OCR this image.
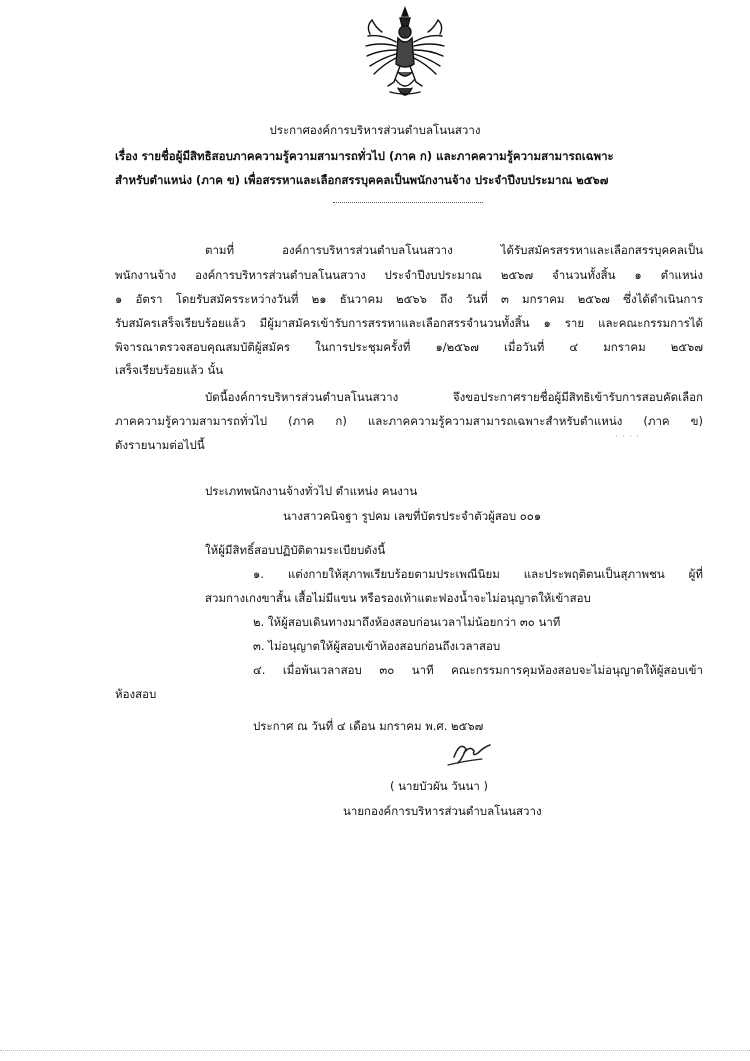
ประกาศองค์การบริหารส่วนตำบลโนนสวาง
เรื่อง รายชื่อผู้มีสิทธิสอบภาคความรู้ความสามารถทั่วไป (ภาค ก) และภาคความรู้ความสามารถเฉพาะ
สำหรับตำแหน่ง (ภาค ข) เพื่อสรรหาและเลือกสรรบุคคลเป็นพนักงานจ้าง ประจำปีงบประมาณ ๒๕๖๗
ตามที่ องค์การบริหารส่วนตำบลโนนสวาง ได้รับสมัครสรรหาและเลือกสรรบุคคลเป็น
พนักงานจ้าง องค์การบริหารส่วนตำบลโนนสวาง ประจำปีงบประมาณ ๒๕๖๗ จำนวนทั้งสิ้น ๑ ตำแหน่ง
๑ อัตรา โดยรับสมัครระหว่างวันที่ ๒๑ ธันวาคม ๒๕๖๖ ถึง วันที่ ๓ มกราคม ๒๕๖๗ ซึ่งได้ดำเนินการ
รับสมัครเสร็จเรียบร้อยแล้ว มีผู้มาสมัครเข้ารับการสรรหาและเลือกสรรจำนวนทั้งสิ้น ๑ ราย และคณะกรรมการได้
พิจารณาตรวจสอบคุณสมบัติผู้สมัคร ในการประชุมครั้งที่ ๑/๒๕๖๗ เมื่อวันที่ ๔ มกราคม ๒๕๖๗
เสร็จเรียบร้อยแล้ว นั้น
บัดนี้องค์การบริหารส่วนตำบลโนนสวาง จึงขอประกาศรายชื่อผู้มีสิทธิเข้ารับการสอบคัดเลือก
ภาคความรู้ความสามารถทั่วไป (ภาค ก) และภาคความรู้ความสามารถเฉพาะสำหรับตำแหน่ง (ภาค ข)
ดังรายนามต่อไปนี้
· · · ·
ประเภทพนักงานจ้างทั่วไป ตำแหน่ง คนงาน
นางสาวคนิจฐา รูปคม เลขที่บัตรประจำตัวผู้สอบ ๐๐๑
ให้ผู้มีสิทธิ์สอบปฏิบัติตามระเบียบดังนี้
๑. แต่งกายให้สุภาพเรียบร้อยตามประเพณีนิยม และประพฤติตนเป็นสุภาพชน ผู้ที่
สวมกางเกงขาสั้น เสื้อไม่มีแขน หรือรองเท้าแตะฟองน้ำจะไม่อนุญาตให้เข้าสอบ
๒. ให้ผู้สอบเดินทางมาถึงห้องสอบก่อนเวลาไม่น้อยกว่า ๓๐ นาที
๓. ไม่อนุญาตให้ผู้สอบเข้าห้องสอบก่อนถึงเวลาสอบ
๔. เมื่อพ้นเวลาสอบ ๓๐ นาที คณะกรรมการคุมห้องสอบจะไม่อนุญาตให้ผู้สอบเข้า
ห้องสอบ
ประกาศ ณ วันที่ ๔ เดือน มกราคม พ.ศ. ๒๕๖๗
( นายบัวผัน วันนา )
นายกองค์การบริหารส่วนตำบลโนนสวาง
